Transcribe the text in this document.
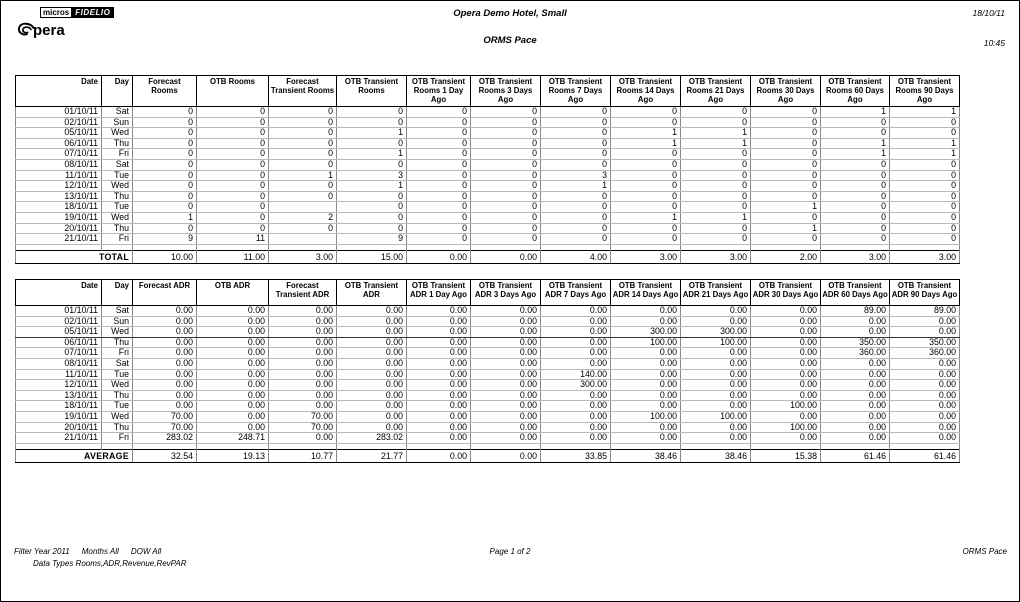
micros FIDELIO
pera
Opera Demo Hotel, Small
ORMS Pace
18/10/11
10:45
Date	Day	Forecast Rooms	OTB Rooms	Forecast Transient Rooms	OTB Transient Rooms	OTB Transient Rooms 1 Day Ago	OTB Transient Rooms 3 Days Ago	OTB Transient Rooms 7 Days Ago	OTB Transient Rooms 14 Days Ago	OTB Transient Rooms 21 Days Ago	OTB Transient Rooms 30 Days Ago	OTB Transient Rooms 60 Days Ago	OTB Transient Rooms 90 Days Ago
01/10/11	Sat	0	0	0	0	0	0	0	0	0	0	1	1
02/10/11	Sun	0	0	0	0	0	0	0	0	0	0	0	0
05/10/11	Wed	0	0	0	1	0	0	0	1	1	0	0	0
06/10/11	Thu	0	0	0	0	0	0	0	1	1	0	1	1
07/10/11	Fri	0	0	0	1	0	0	0	0	0	0	1	1
08/10/11	Sat	0	0	0	0	0	0	0	0	0	0	0	0
11/10/11	Tue	0	0	1	3	0	0	3	0	0	0	0	0
12/10/11	Wed	0	0	0	1	0	0	1	0	0	0	0	0
13/10/11	Thu	0	0	0	0	0	0	0	0	0	0	0	0
18/10/11	Tue	0	0		0	0	0	0	0	0	1	0	0
19/10/11	Wed	1	0	2	0	0	0	0	1	1	0	0	0
20/10/11	Thu	0	0	0	0	0	0	0	0	0	1	0	0
21/10/11	Fri	9	11		9	0	0	0	0	0	0	0	0

TOTAL		10.00	11.00	3.00	15.00	0.00	0.00	4.00	3.00	3.00	2.00	3.00	3.00
Date	Day	Forecast ADR	OTB ADR	Forecast Transient ADR	OTB Transient ADR	OTB Transient ADR 1 Day Ago	OTB Transient ADR 3 Days Ago	OTB Transient ADR 7 Days Ago	OTB Transient ADR 14 Days Ago	OTB Transient ADR 21 Days Ago	OTB Transient ADR 30 Days Ago	OTB Transient ADR 60 Days Ago	OTB Transient ADR 90 Days Ago
01/10/11	Sat	0.00	0.00	0.00	0.00	0.00	0.00	0.00	0.00	0.00	0.00	89.00	89.00
02/10/11	Sun	0.00	0.00	0.00	0.00	0.00	0.00	0.00	0.00	0.00	0.00	0.00	0.00
05/10/11	Wed	0.00	0.00	0.00	0.00	0.00	0.00	0.00	300.00	300.00	0.00	0.00	0.00
06/10/11	Thu	0.00	0.00	0.00	0.00	0.00	0.00	0.00	100.00	100.00	0.00	350.00	350.00
07/10/11	Fri	0.00	0.00	0.00	0.00	0.00	0.00	0.00	0.00	0.00	0.00	360.00	360.00
08/10/11	Sat	0.00	0.00	0.00	0.00	0.00	0.00	0.00	0.00	0.00	0.00	0.00	0.00
11/10/11	Tue	0.00	0.00	0.00	0.00	0.00	0.00	140.00	0.00	0.00	0.00	0.00	0.00
12/10/11	Wed	0.00	0.00	0.00	0.00	0.00	0.00	300.00	0.00	0.00	0.00	0.00	0.00
13/10/11	Thu	0.00	0.00	0.00	0.00	0.00	0.00	0.00	0.00	0.00	0.00	0.00	0.00
18/10/11	Tue	0.00	0.00	0.00	0.00	0.00	0.00	0.00	0.00	0.00	100.00	0.00	0.00
19/10/11	Wed	70.00	0.00	70.00	0.00	0.00	0.00	0.00	100.00	100.00	0.00	0.00	0.00
20/10/11	Thu	70.00	0.00	70.00	0.00	0.00	0.00	0.00	0.00	0.00	100.00	0.00	0.00
21/10/11	Fri	283.02	248.71	0.00	283.02	0.00	0.00	0.00	0.00	0.00	0.00	0.00	0.00

AVERAGE		32.54	19.13	10.77	21.77	0.00	0.00	33.85	38.46	38.46	15.38	61.46	61.46
Filter Year 2011 Months All DOW All
Data Types Rooms,ADR,Revenue,RevPAR
Page 1 of 2	ORMS Pace
